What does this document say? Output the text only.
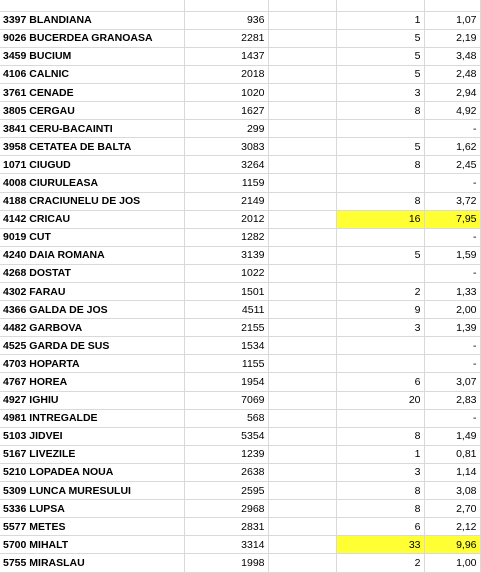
3397 BLANDIANA	936		1	1,07
9026 BUCERDEA GRANOASA	2281		5	2,19
3459 BUCIUM	1437		5	3,48
4106 CALNIC	2018		5	2,48
3761 CENADE	1020		3	2,94
3805 CERGAU	1627		8	4,92
3841 CERU-BACAINTI	299			-
3958 CETATEA DE BALTA	3083		5	1,62
1071 CIUGUD	3264		8	2,45
4008 CIURULEASA	1159			-
4188 CRACIUNELU DE JOS	2149		8	3,72
4142 CRICAU	2012		16	7,95
9019 CUT	1282			-
4240 DAIA ROMANA	3139		5	1,59
4268 DOSTAT	1022			-
4302 FARAU	1501		2	1,33
4366 GALDA DE JOS	4511		9	2,00
4482 GARBOVA	2155		3	1,39
4525 GARDA DE SUS	1534			-
4703 HOPARTA	1155			-
4767 HOREA	1954		6	3,07
4927 IGHIU	7069		20	2,83
4981 INTREGALDE	568			-
5103 JIDVEI	5354		8	1,49
5167 LIVEZILE	1239		1	0,81
5210 LOPADEA NOUA	2638		3	1,14
5309 LUNCA MURESULUI	2595		8	3,08
5336 LUPSA	2968		8	2,70
5577 METES	2831		6	2,12
5700 MIHALT	3314		33	9,96
5755 MIRASLAU	1998		2	1,00
